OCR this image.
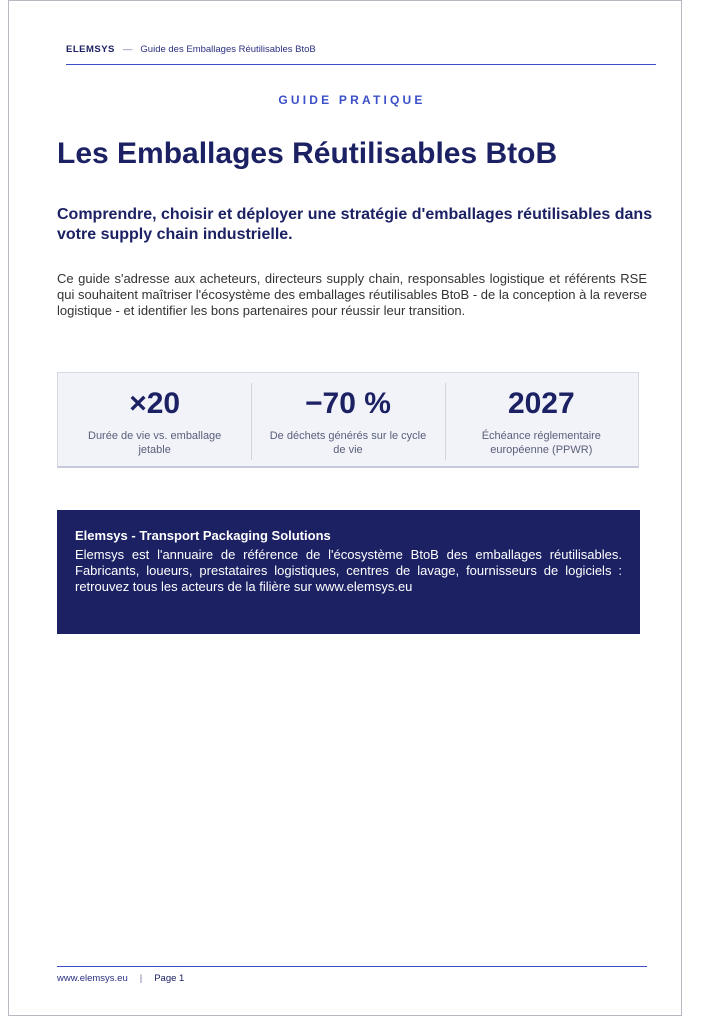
ELEMSYS — Guide des Emballages Réutilisables BtoB
GUIDE PRATIQUE
Les Emballages Réutilisables BtoB

Comprendre, choisir et déployer une stratégie d'emballages réutilisables dans votre supply chain industrielle.

Ce guide s'adresse aux acheteurs, directeurs supply chain, responsables logistique et référents RSE qui souhaitent maîtriser l'écosystème des emballages réutilisables BtoB - de la conception à la reverse logistique - et identifier les bons partenaires pour réussir leur transition.

×20
Durée de vie vs. emballage jetable
−70 %
De déchets générés sur le cycle de vie
2027
Échéance réglementaire européenne (PPWR)
Elemsys - Transport Packaging Solutions
Elemsys est l'annuaire de référence de l'écosystème BtoB des emballages réutilisables. Fabricants, loueurs, prestataires logistiques, centres de lavage, fournisseurs de logiciels : retrouvez tous les acteurs de la filière sur www.elemsys.eu
www.elemsys.eu | Page 1
